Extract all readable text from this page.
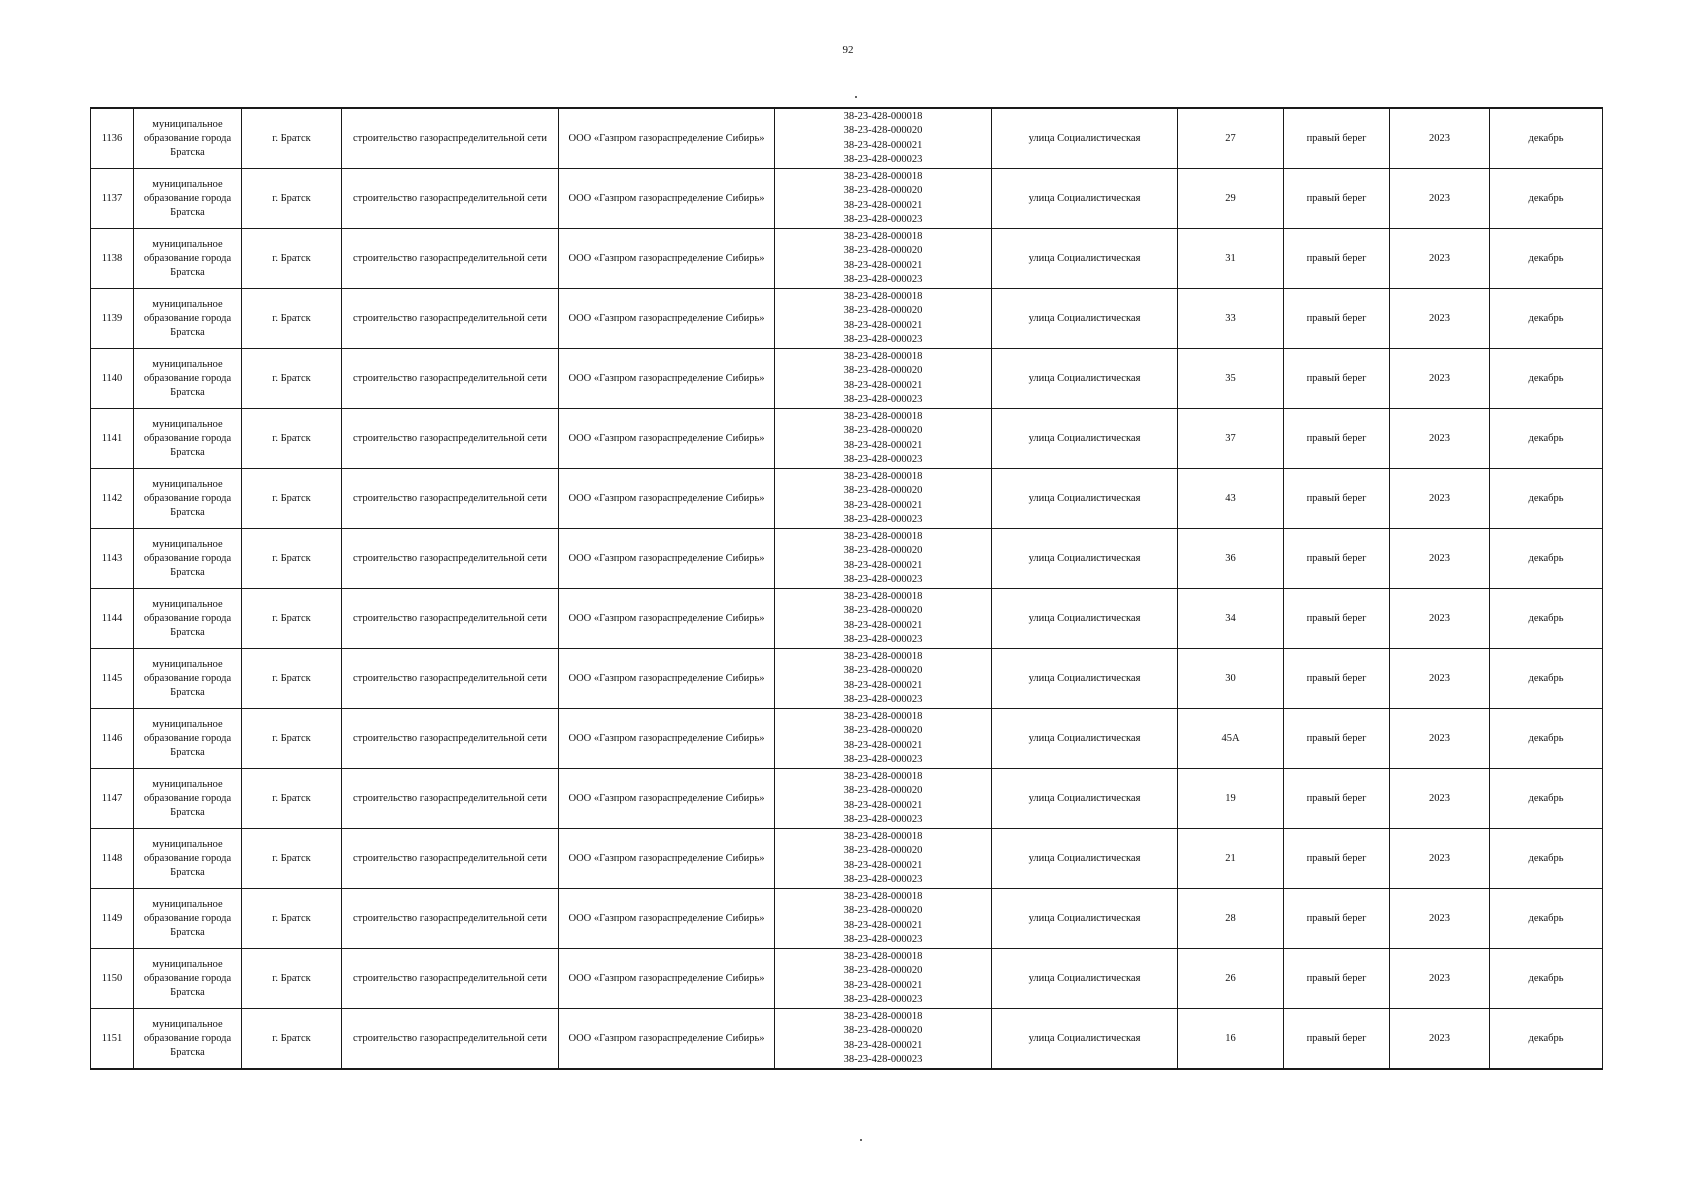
92
1136	муниципальное образование города Братска	г. Братск	строительство газораспределительной сети	ООО «Газпром газораспределение Сибирь»	38-23-428-000018
38-23-428-000020
38-23-428-000021
38-23-428-000023	улица Социалистическая	27	правый берег	2023	декабрь
1137	муниципальное образование города Братска	г. Братск	строительство газораспределительной сети	ООО «Газпром газораспределение Сибирь»	38-23-428-000018
38-23-428-000020
38-23-428-000021
38-23-428-000023	улица Социалистическая	29	правый берег	2023	декабрь
1138	муниципальное образование города Братска	г. Братск	строительство газораспределительной сети	ООО «Газпром газораспределение Сибирь»	38-23-428-000018
38-23-428-000020
38-23-428-000021
38-23-428-000023	улица Социалистическая	31	правый берег	2023	декабрь
1139	муниципальное образование города Братска	г. Братск	строительство газораспределительной сети	ООО «Газпром газораспределение Сибирь»	38-23-428-000018
38-23-428-000020
38-23-428-000021
38-23-428-000023	улица Социалистическая	33	правый берег	2023	декабрь
1140	муниципальное образование города Братска	г. Братск	строительство газораспределительной сети	ООО «Газпром газораспределение Сибирь»	38-23-428-000018
38-23-428-000020
38-23-428-000021
38-23-428-000023	улица Социалистическая	35	правый берег	2023	декабрь
1141	муниципальное образование города Братска	г. Братск	строительство газораспределительной сети	ООО «Газпром газораспределение Сибирь»	38-23-428-000018
38-23-428-000020
38-23-428-000021
38-23-428-000023	улица Социалистическая	37	правый берег	2023	декабрь
1142	муниципальное образование города Братска	г. Братск	строительство газораспределительной сети	ООО «Газпром газораспределение Сибирь»	38-23-428-000018
38-23-428-000020
38-23-428-000021
38-23-428-000023	улица Социалистическая	43	правый берег	2023	декабрь
1143	муниципальное образование города Братска	г. Братск	строительство газораспределительной сети	ООО «Газпром газораспределение Сибирь»	38-23-428-000018
38-23-428-000020
38-23-428-000021
38-23-428-000023	улица Социалистическая	36	правый берег	2023	декабрь
1144	муниципальное образование города Братска	г. Братск	строительство газораспределительной сети	ООО «Газпром газораспределение Сибирь»	38-23-428-000018
38-23-428-000020
38-23-428-000021
38-23-428-000023	улица Социалистическая	34	правый берег	2023	декабрь
1145	муниципальное образование города Братска	г. Братск	строительство газораспределительной сети	ООО «Газпром газораспределение Сибирь»	38-23-428-000018
38-23-428-000020
38-23-428-000021
38-23-428-000023	улица Социалистическая	30	правый берег	2023	декабрь
1146	муниципальное образование города Братска	г. Братск	строительство газораспределительной сети	ООО «Газпром газораспределение Сибирь»	38-23-428-000018
38-23-428-000020
38-23-428-000021
38-23-428-000023	улица Социалистическая	45А	правый берег	2023	декабрь
1147	муниципальное образование города Братска	г. Братск	строительство газораспределительной сети	ООО «Газпром газораспределение Сибирь»	38-23-428-000018
38-23-428-000020
38-23-428-000021
38-23-428-000023	улица Социалистическая	19	правый берег	2023	декабрь
1148	муниципальное образование города Братска	г. Братск	строительство газораспределительной сети	ООО «Газпром газораспределение Сибирь»	38-23-428-000018
38-23-428-000020
38-23-428-000021
38-23-428-000023	улица Социалистическая	21	правый берег	2023	декабрь
1149	муниципальное образование города Братска	г. Братск	строительство газораспределительной сети	ООО «Газпром газораспределение Сибирь»	38-23-428-000018
38-23-428-000020
38-23-428-000021
38-23-428-000023	улица Социалистическая	28	правый берег	2023	декабрь
1150	муниципальное образование города Братска	г. Братск	строительство газораспределительной сети	ООО «Газпром газораспределение Сибирь»	38-23-428-000018
38-23-428-000020
38-23-428-000021
38-23-428-000023	улица Социалистическая	26	правый берег	2023	декабрь
1151	муниципальное образование города Братска	г. Братск	строительство газораспределительной сети	ООО «Газпром газораспределение Сибирь»	38-23-428-000018
38-23-428-000020
38-23-428-000021
38-23-428-000023	улица Социалистическая	16	правый берег	2023	декабрь
